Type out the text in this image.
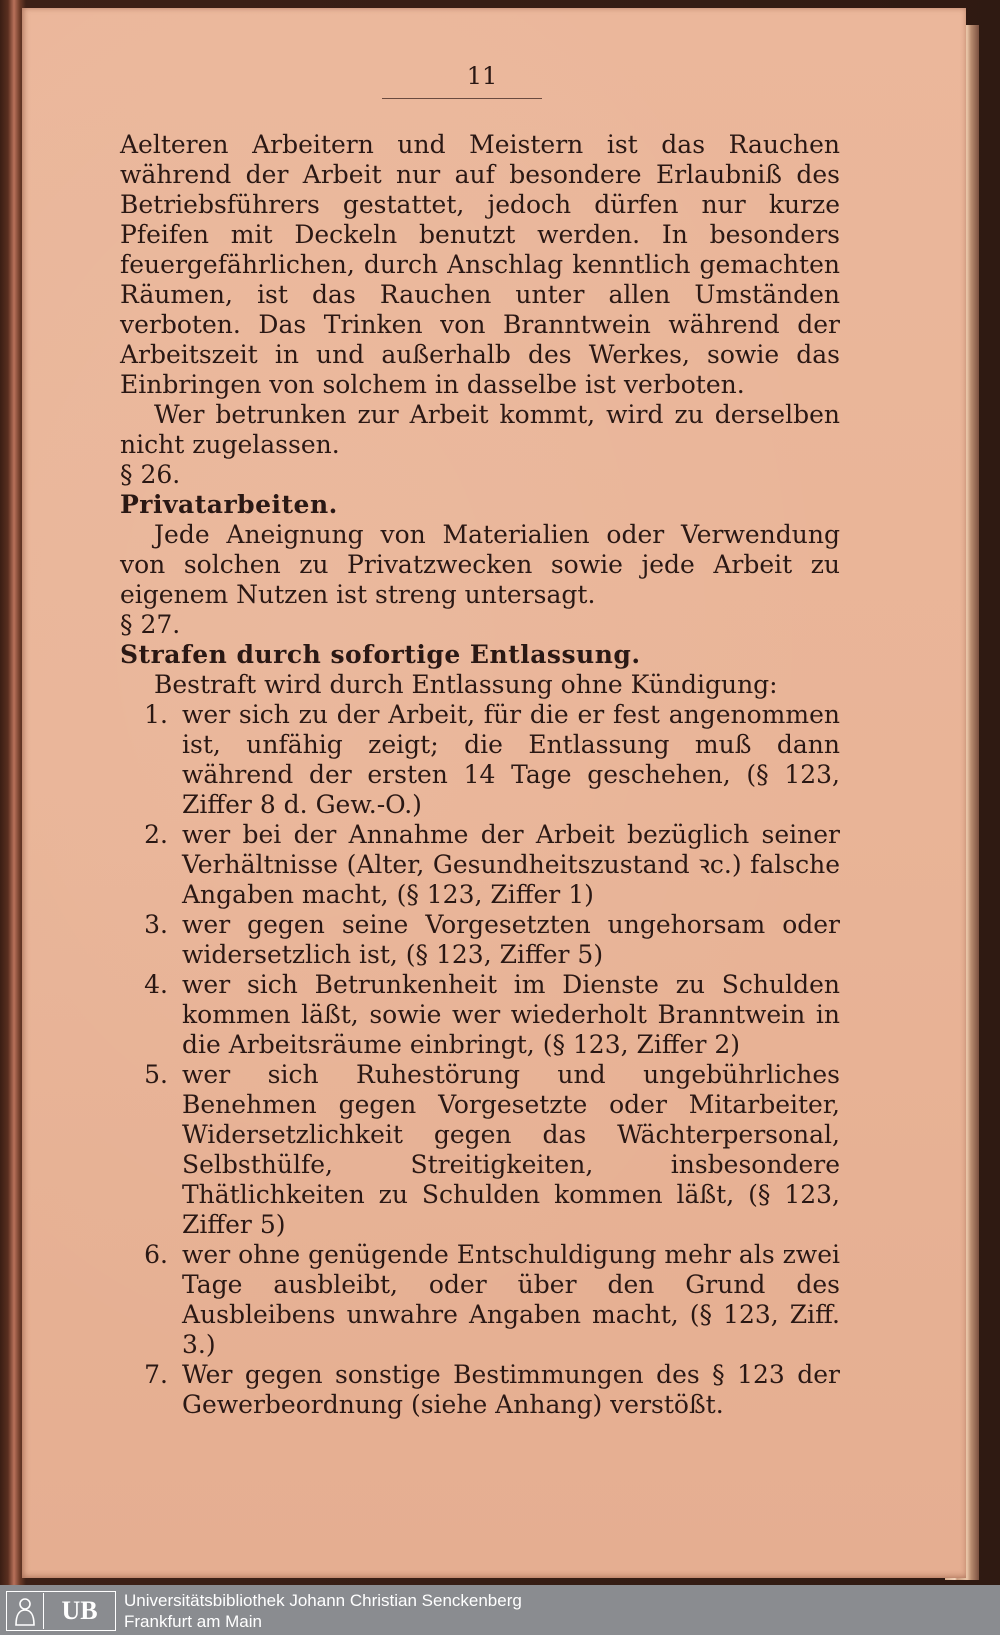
11

Aelteren Arbeitern und Meistern ist das Rauchen während der Arbeit nur auf besondere Erlaubniß des Betriebsführers gestattet, jedoch dürfen nur kurze Pfeifen mit Deckeln benutzt werden. In besonders feuergefährlichen, durch Anschlag kenntlich gemachten Räumen, ist das Rauchen unter allen Umständen verboten. Das Trinken von Branntwein während der Arbeitszeit in und außerhalb des Werkes, sowie das Einbringen von solchem in dasselbe ist verboten.

Wer betrunken zur Arbeit kommt, wird zu derselben nicht zugelassen.

§ 26.

Privatarbeiten.

Jede Aneignung von Materialien oder Verwendung von solchen zu Privatzwecken sowie jede Arbeit zu eigenem Nutzen ist streng untersagt.

§ 27.

Strafen durch sofortige Entlassung.

Bestraft wird durch Entlassung ohne Kündigung:

1. wer sich zu der Arbeit, für die er fest angenommen ist, unfähig zeigt; die Entlassung muß dann während der ersten 14 Tage geschehen, (§ 123, Ziffer 8 d. Gew.-O.)
2. wer bei der Annahme der Arbeit bezüglich seiner Verhältnisse (Alter, Gesundheitszustand ꝛc.) falsche Angaben macht, (§ 123, Ziffer 1)
3. wer gegen seine Vorgesetzten ungehorsam oder widersetzlich ist, (§ 123, Ziffer 5)
4. wer sich Betrunkenheit im Dienste zu Schulden kommen läßt, sowie wer wiederholt Branntwein in die Arbeitsräume einbringt, (§ 123, Ziffer 2)
5. wer sich Ruhestörung und ungebührliches Benehmen gegen Vorgesetzte oder Mitarbeiter, Widersetzlichkeit gegen das Wächterpersonal, Selbsthülfe, Streitigkeiten, insbesondere Thätlichkeiten zu Schulden kommen läßt, (§ 123, Ziffer 5)
6. wer ohne genügende Entschuldigung mehr als zwei Tage ausbleibt, oder über den Grund des Ausbleibens unwahre Angaben macht, (§ 123, Ziff. 3.)
7. Wer gegen sonstige Bestimmungen des § 123 der Gewerbeordnung (siehe Anhang) verstößt.
UB	Universitätsbibliothek Johann Christian Senckenberg
Frankfurt am Main
